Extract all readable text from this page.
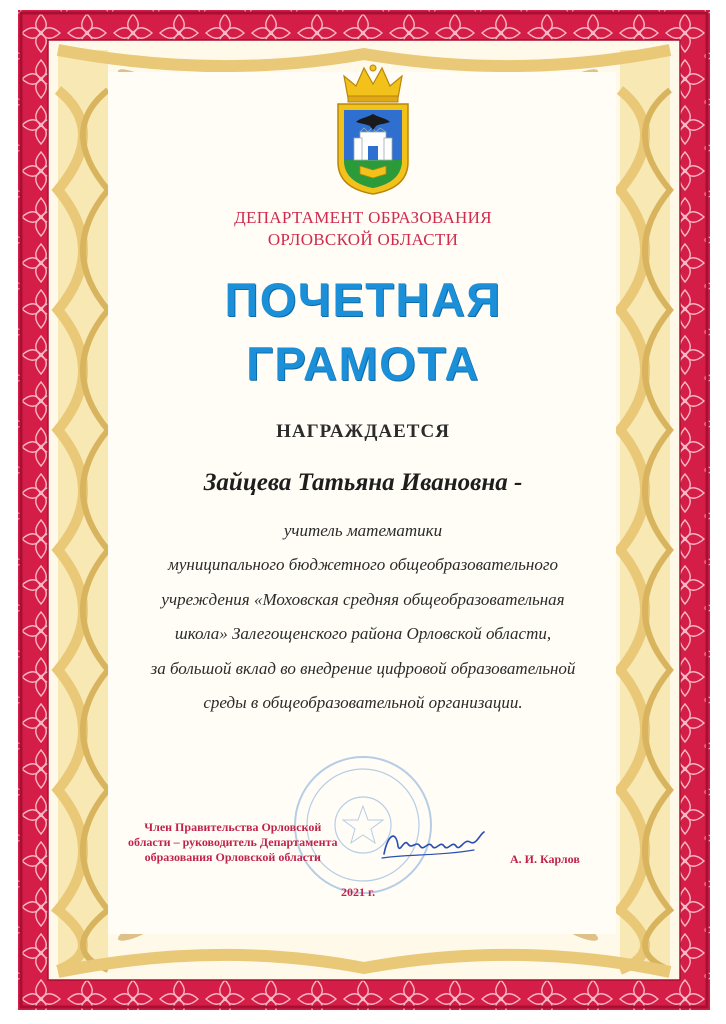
ДЕПАРТАМЕНТ ОБРАЗОВАНИЯ
ОРЛОВСКОЙ ОБЛАСТИ
ПОЧЕТНАЯ
ГРАМОТА
НАГРАЖДАЕТСЯ
Зайцева Татьяна Ивановна -
учитель математики
муниципального бюджетного общеобразовательного
учреждения «Моховская средняя общеобразовательная
школа» Залегощенского района Орловской области,
за большой вклад во внедрение цифровой образовательной
среды в общеобразовательной организации.
Член Правительства Орловской
области – руководитель Департамента
образования Орловской области	А. И. Карлов
2021 г.
